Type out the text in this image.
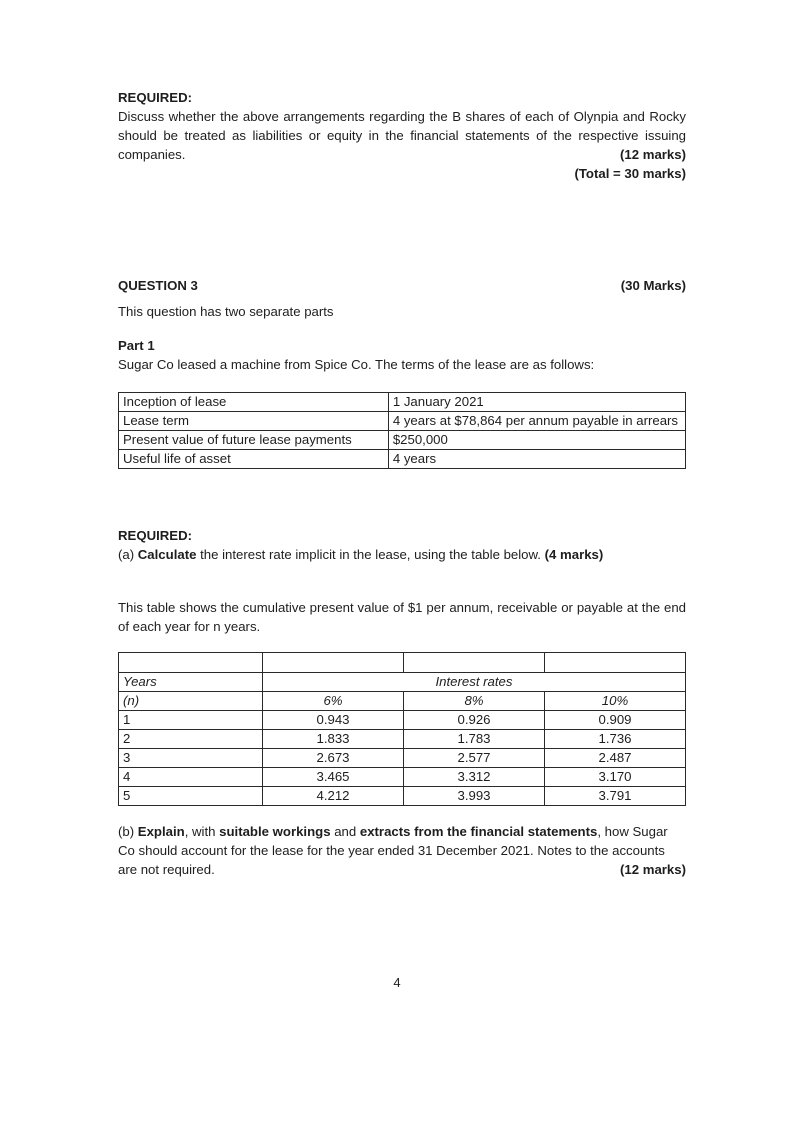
REQUIRED:

Discuss whether the above arrangements regarding the B shares of each of Olynpia and Rocky should be treated as liabilities or equity in the financial statements of the respective issuing companies.	(12 marks)

(Total = 30 marks)

QUESTION 3	(30 Marks)

This question has two separate parts

Part 1

Sugar Co leased a machine from Spice Co. The terms of the lease are as follows:

Inception of lease	1 January 2021
Lease term	4 years at $78,864 per annum payable in arrears
Present value of future lease payments	$250,000
Useful life of asset	4 years

REQUIRED:

(a) Calculate the interest rate implicit in the lease, using the table below. (4 marks)

This table shows the cumulative present value of $1 per annum, receivable or payable at the end of each year for n years.

Years	Interest rates		
(n)	6%	8%	10%
1	0.943	0.926	0.909
2	1.833	1.783	1.736
3	2.673	2.577	2.487
4	3.465	3.312	3.170
5	4.212	3.993	3.791

(b) Explain, with suitable workings and extracts from the financial statements, how Sugar Co should account for the lease for the year ended 31 December 2021. Notes to the accounts are not required.	(12 marks)

4
